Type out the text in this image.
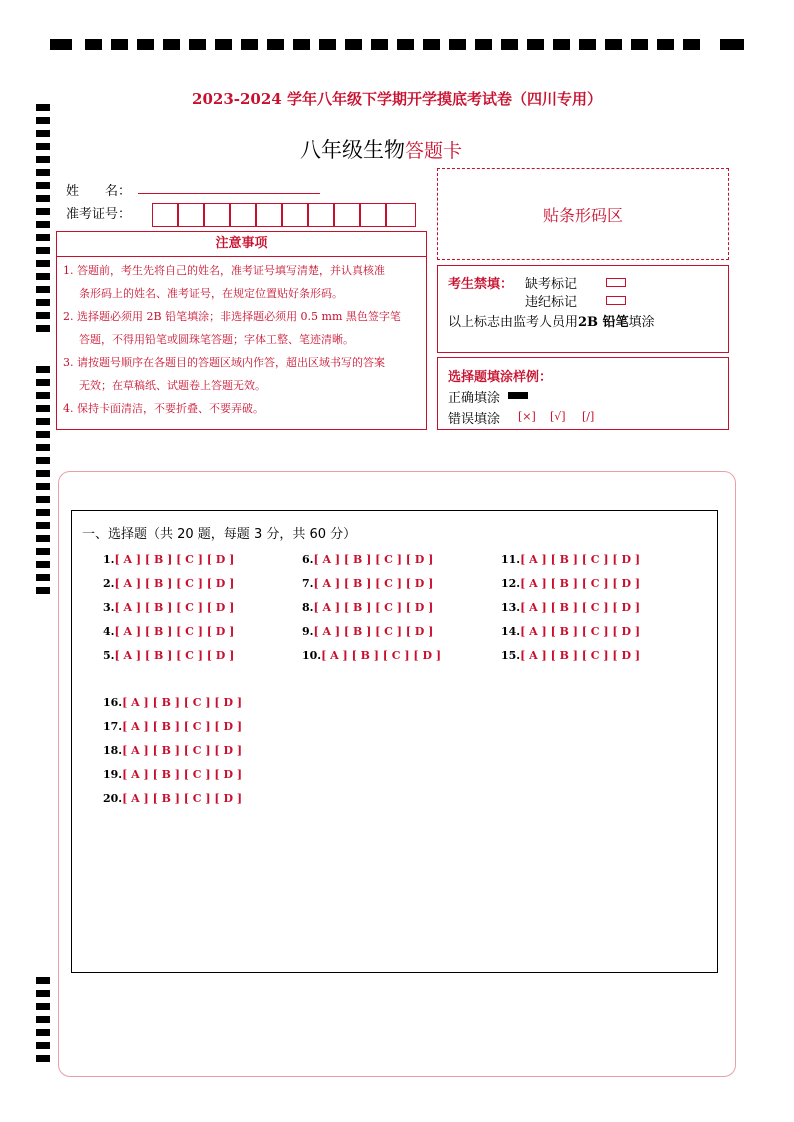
2023-2024 学年八年级下学期开学摸底考试卷（四川专用）
八年级生物答题卡
姓　　名：
准考证号：
注意事项
1. 答题前，考生先将自己的姓名，准考证号填写清楚，并认真核准
条形码上的姓名、准考证号，在规定位置贴好条形码。
2. 选择题必须用 2B 铅笔填涂；非选择题必须用 0.5 mm 黑色签字笔
答题，不得用铅笔或圆珠笔答题；字体工整、笔迹清晰。
3. 请按题号顺序在各题目的答题区域内作答，超出区域书写的答案
无效；在草稿纸、试题卷上答题无效。
4. 保持卡面清洁，不要折叠、不要弄破。
贴条形码区
考生禁填： 缺考标记
违纪标记
以上标志由监考人员用2B 铅笔填涂
选择题填涂样例：
正确填涂
错误填涂 [×] [√] [/]
一、选择题（共 20 题，每题 3 分，共 60 分）
1.[ A ] [ B ] [ C ] [ D ]
2.[ A ] [ B ] [ C ] [ D ]
3.[ A ] [ B ] [ C ] [ D ]
4.[ A ] [ B ] [ C ] [ D ]
5.[ A ] [ B ] [ C ] [ D ]
6.[ A ] [ B ] [ C ] [ D ]
7.[ A ] [ B ] [ C ] [ D ]
8.[ A ] [ B ] [ C ] [ D ]
9.[ A ] [ B ] [ C ] [ D ]
10.[ A ] [ B ] [ C ] [ D ]
11.[ A ] [ B ] [ C ] [ D ]
12.[ A ] [ B ] [ C ] [ D ]
13.[ A ] [ B ] [ C ] [ D ]
14.[ A ] [ B ] [ C ] [ D ]
15.[ A ] [ B ] [ C ] [ D ]
16.[ A ] [ B ] [ C ] [ D ]
17.[ A ] [ B ] [ C ] [ D ]
18.[ A ] [ B ] [ C ] [ D ]
19.[ A ] [ B ] [ C ] [ D ]
20.[ A ] [ B ] [ C ] [ D ]
